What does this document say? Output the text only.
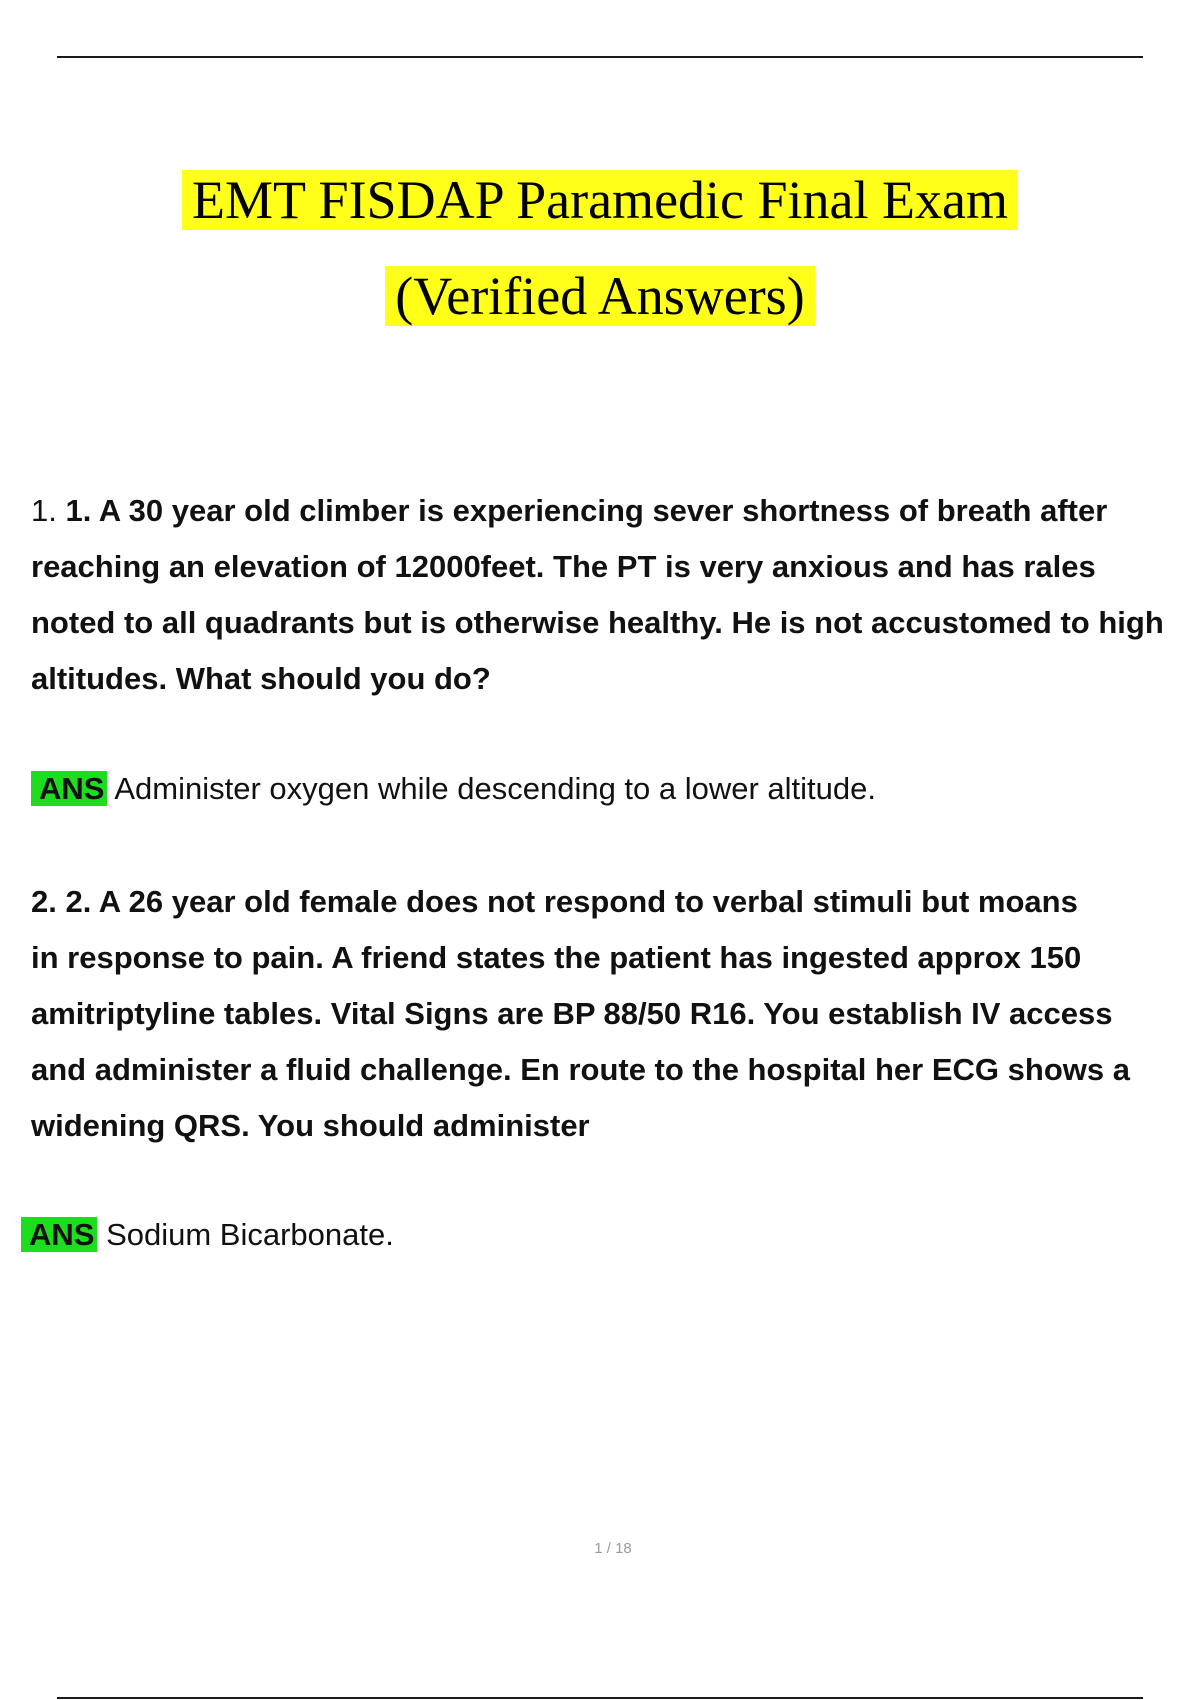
EMT FISDAP Paramedic Final Exam
(Verified Answers)
1. 1. A 30 year old climber is experiencing sever shortness of breath after
reaching an elevation of 12000feet. The PT is very anxious and has rales
noted to all quadrants but is otherwise healthy. He is not accustomed to high
altitudes. What should you do?
ANS Administer oxygen while descending to a lower altitude.
2. 2. A 26 year old female does not respond to verbal stimuli but moans
in response to pain. A friend states the patient has ingested approx 150
amitriptyline tables. Vital Signs are BP 88/50 R16. You establish IV access
and administer a fluid challenge. En route to the hospital her ECG shows a
widening QRS. You should administer
ANS Sodium Bicarbonate.
1 / 18
